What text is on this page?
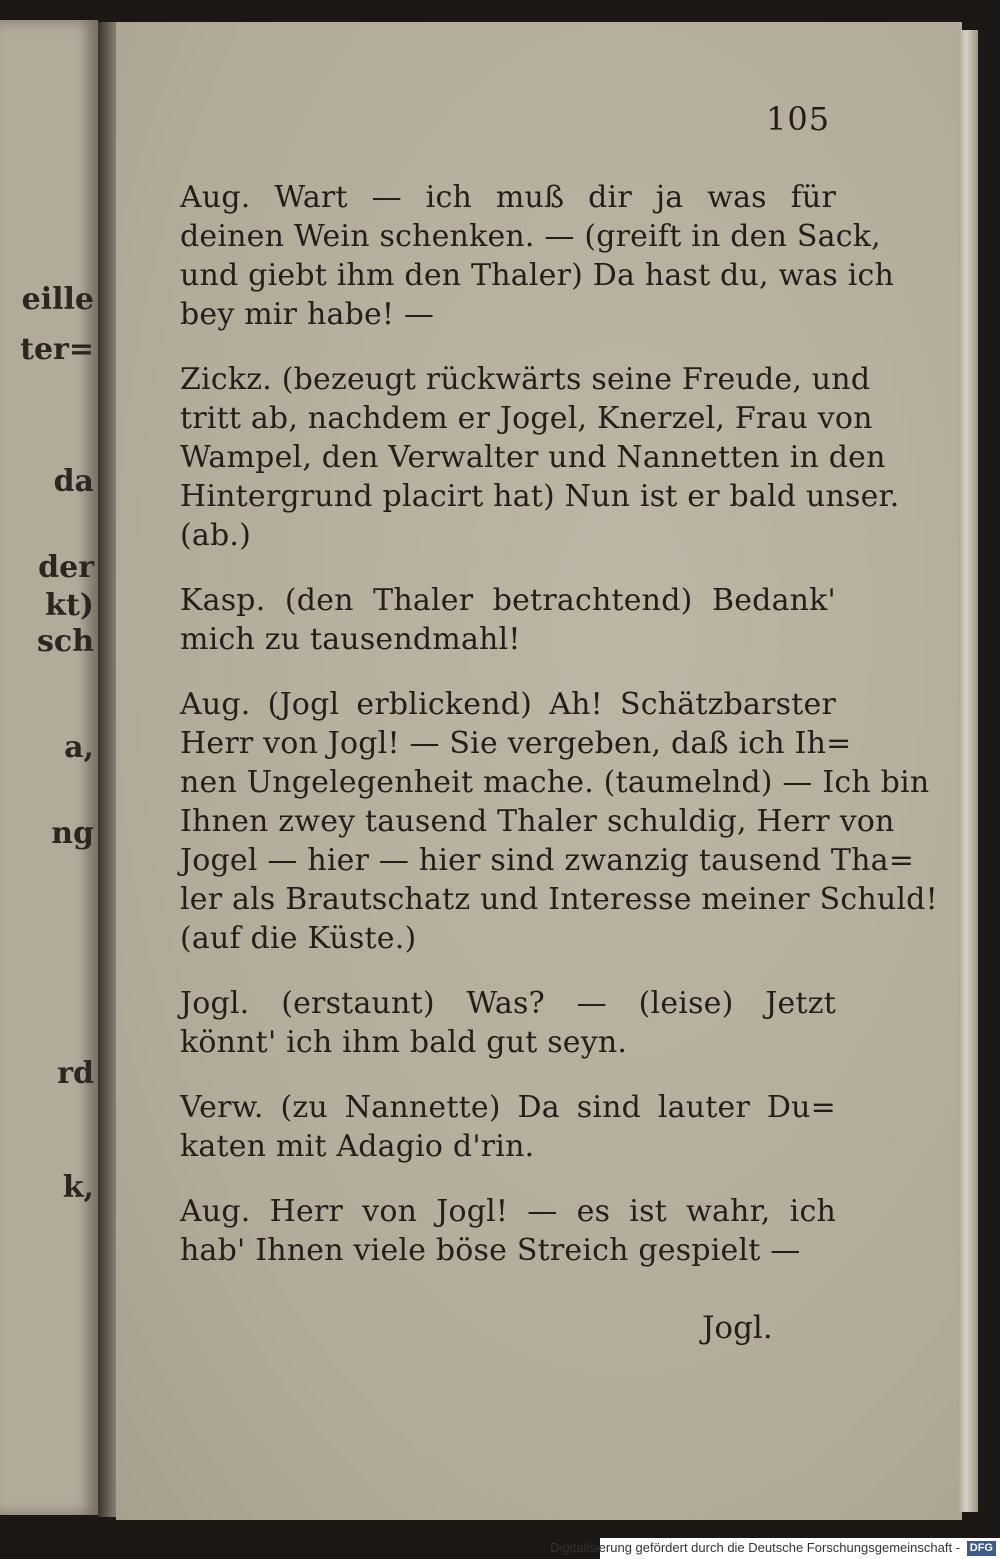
eille

ter=

da

der

kt)

sch

a,

ng

rd

k,

105

Aug. Wart — ich muß dir ja was für
deinen Wein schenken. — (greift in den Sack,
und giebt ihm den Thaler) Da hast du, was ich
bey mir habe! —
Zickz. (bezeugt rückwärts seine Freude, und
tritt ab, nachdem er Jogel, Knerzel, Frau von
Wampel, den Verwalter und Nannetten in den
Hintergrund placirt hat) Nun ist er bald unser.
(ab.)
Kasp. (den Thaler betrachtend) Bedank'
mich zu tausendmahl!
Aug. (Jogl erblickend) Ah! Schätzbarster
Herr von Jogl! — Sie vergeben, daß ich Ih=
nen Ungelegenheit mache. (taumelnd) — Ich bin
Ihnen zwey tausend Thaler schuldig, Herr von
Jogel — hier — hier sind zwanzig tausend Tha=
ler als Brautschatz und Interesse meiner Schuld!
(auf die Küste.)
Jogl. (erstaunt) Was? — (leise) Jetzt
könnt' ich ihm bald gut seyn.
Verw. (zu Nannette) Da sind lauter Du=
katen mit Adagio d'rin.
Aug. Herr von Jogl! — es ist wahr, ich
hab' Ihnen viele böse Streich gespielt —

Jogl.

Digitalisierung gefördert durch die Deutsche Forschungsgemeinschaft - DFG
